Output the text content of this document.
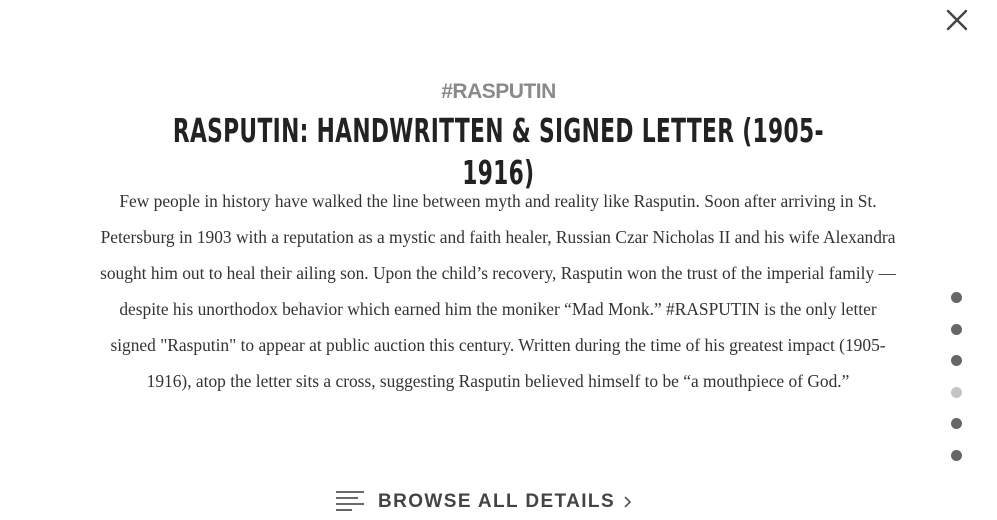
#RASPUTIN
RASPUTIN: HANDWRITTEN & SIGNED LETTER (1905-1916)

Few people in history have walked the line between myth and reality like Rasputin. Soon after arriving in St. Petersburg in 1903 with a reputation as a mystic and faith healer, Russian Czar Nicholas II and his wife Alexandra sought him out to heal their ailing son. Upon the child’s recovery, Rasputin won the trust of the imperial family — despite his unorthodox behavior which earned him the moniker “Mad Monk.” #RASPUTIN is the only letter signed "Rasputin" to appear at public auction this century. Written during the time of his greatest impact (1905-1916), atop the letter sits a cross, suggesting Rasputin believed himself to be “a mouthpiece of God.”

BROWSE ALL DETAILS
